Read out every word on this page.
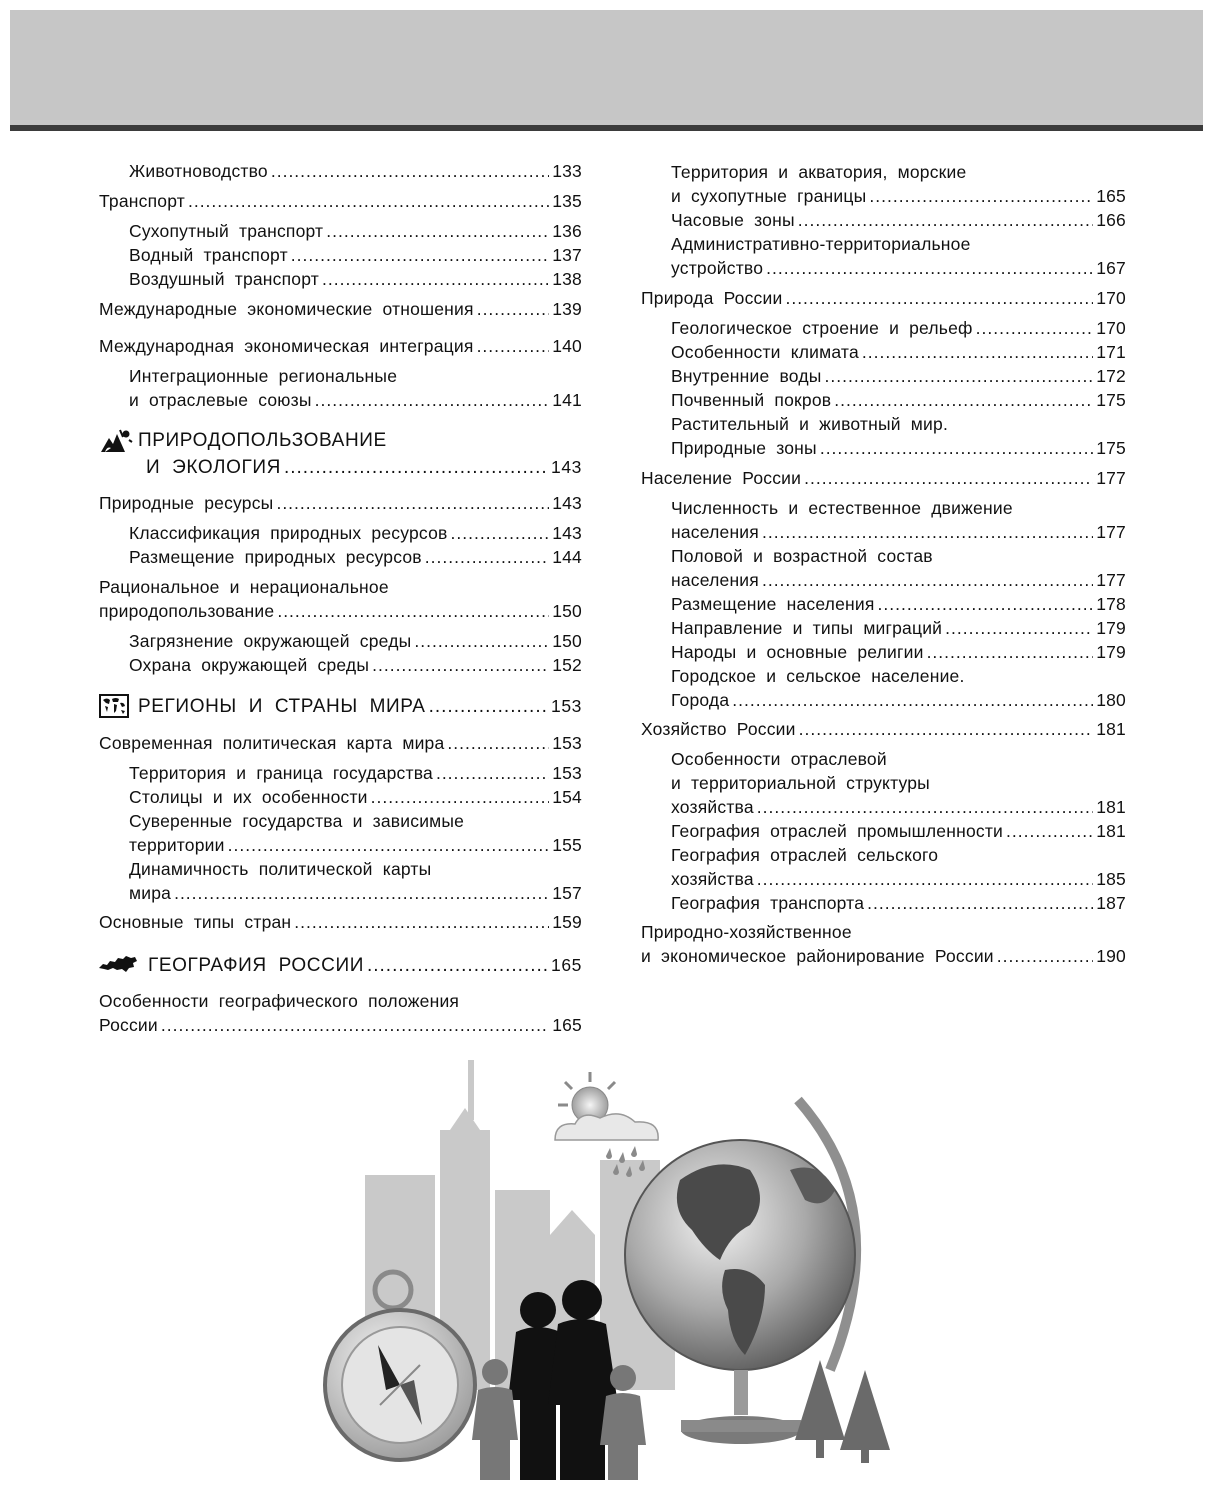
Животноводство .....	133
Транспорт .....	135
Сухопутный транспорт .....	136
Водный транспорт .....	137
Воздушный транспорт .....	138
Международные экономические отношения .....	139
Международная экономическая интеграция .....	140
Интеграционные региональные
и отраслевые союзы .....	141
ПРИРОДОПОЛЬЗОВАНИЕ
И ЭКОЛОГИЯ .....	143
Природные ресурсы .....	143
Классификация природных ресурсов .....	143
Размещение природных ресурсов .....	144
Рациональное и нерациональное
природопользование .....	150
Загрязнение окружающей среды .....	150
Охрана окружающей среды .....	152
РЕГИОНЫ И СТРАНЫ МИРА .....	153
Современная политическая карта мира .....	153
Территория и граница государства .....	153
Столицы и их особенности .....	154
Суверенные государства и зависимые
территории .....	155
Динамичность политической карты
мира .....	157
Основные типы стран .....	159
ГЕОГРАФИЯ РОССИИ .....	165
Особенности географического положения
России .....	165
Территория и акватория, морские
и сухопутные границы .....	165
Часовые зоны .....	166
Административно-территориальное
устройство .....	167
Природа России .....	170
Геологическое строение и рельеф .....	170
Особенности климата .....	171
Внутренние воды .....	172
Почвенный покров .....	175
Растительный и животный мир.
Природные зоны .....	175
Население России .....	177
Численность и естественное движение
населения .....	177
Половой и возрастной состав
населения .....	177
Размещение населения .....	178
Направление и типы миграций .....	179
Народы и основные религии .....	179
Городское и сельское население.
Города .....	180
Хозяйство России .....	181
Особенности отраслевой
и территориальной структуры
хозяйства .....	181
География отраслей промышленности .....	181
География отраслей сельского
хозяйства .....	185
География транспорта .....	187
Природно-хозяйственное
и экономическое районирование России .....	190
